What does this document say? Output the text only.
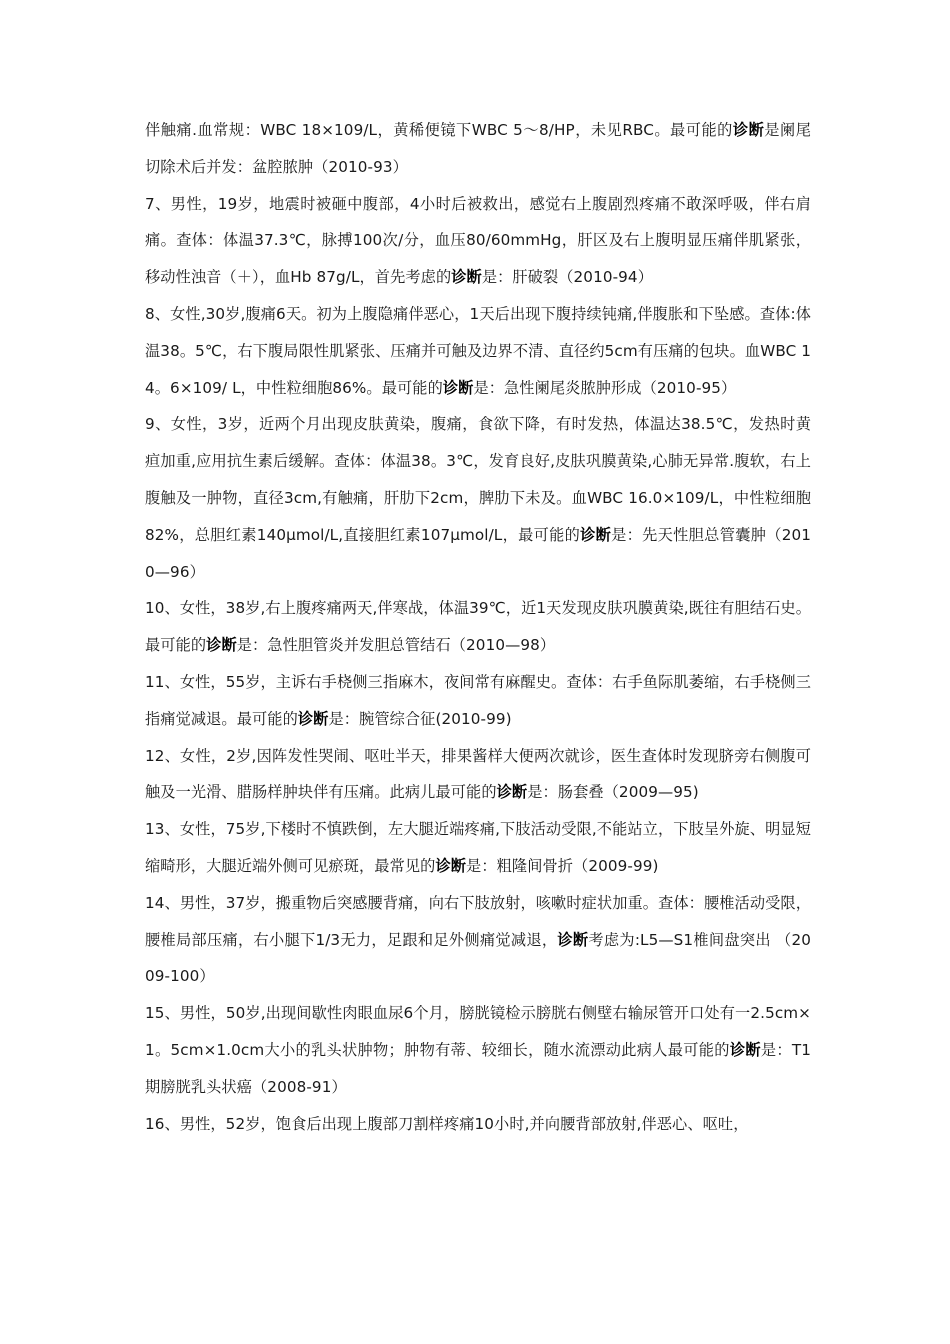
伴触痛.血常规：WBC 18×109/L，黄稀便镜下WBC 5～8/HP，未见RBC。最可能的诊断是阑尾切除术后并发：盆腔脓肿（2010-93）

7、男性，19岁，地震时被砸中腹部，4小时后被救出，感觉右上腹剧烈疼痛不敢深呼吸，伴右肩痛。查体：体温37.3℃，脉搏100次/分，血压80/60mmHg，肝区及右上腹明显压痛伴肌紧张，移动性浊音（＋），血Hb 87g/L，首先考虑的诊断是：肝破裂（2010-94）

8、女性,30岁,腹痛6天。初为上腹隐痛伴恶心，1天后出现下腹持续钝痛,伴腹胀和下坠感。查体:体温38。5℃，右下腹局限性肌紧张、压痛并可触及边界不清、直径约5cm有压痛的包块。血WBC 14。6×109/ L，中性粒细胞86%。最可能的诊断是：急性阑尾炎脓肿形成（2010-95）

9、女性，3岁，近两个月出现皮肤黄染，腹痛，食欲下降，有时发热，体温达38.5℃，发热时黄疸加重,应用抗生素后缓解。查体：体温38。3℃，发育良好,皮肤巩膜黄染,心肺无异常.腹软，右上腹触及一肿物，直径3cm,有触痛，肝肋下2cm，脾肋下未及。血WBC 16.0×109/L，中性粒细胞82%，总胆红素140μmol/L,直接胆红素107μmol/L，最可能的诊断是：先天性胆总管囊肿（2010—96）

10、女性，38岁,右上腹疼痛两天,伴寒战，体温39℃，近1天发现皮肤巩膜黄染,既往有胆结石史。最可能的诊断是：急性胆管炎并发胆总管结石（2010—98）

11、女性，55岁，主诉右手桡侧三指麻木，夜间常有麻醒史。查体：右手鱼际肌萎缩，右手桡侧三指痛觉减退。最可能的诊断是：腕管综合征(2010-99)

12、女性，2岁,因阵发性哭闹、呕吐半天，排果酱样大便两次就诊，医生查体时发现脐旁右侧腹可触及一光滑、腊肠样肿块伴有压痛。此病儿最可能的诊断是：肠套叠（2009—95)

13、女性，75岁,下楼时不慎跌倒，左大腿近端疼痛,下肢活动受限,不能站立，下肢呈外旋、明显短缩畸形，大腿近端外侧可见瘀斑，最常见的诊断是：粗隆间骨折（2009-99)

14、男性，37岁，搬重物后突感腰背痛，向右下肢放射，咳嗽时症状加重。查体：腰椎活动受限，腰椎局部压痛，右小腿下1/3无力，足跟和足外侧痛觉减退，诊断考虑为:L5—S1椎间盘突出 （2009-100）

15、男性，50岁,出现间歇性肉眼血尿6个月，膀胱镜检示膀胱右侧壁右输尿管开口处有一2.5cm×1。5cm×1.0cm大小的乳头状肿物；肿物有蒂、较细长，随水流漂动此病人最可能的诊断是：T1期膀胱乳头状癌（2008-91）

16、男性，52岁，饱食后出现上腹部刀割样疼痛10小时,并向腰背部放射,伴恶心、呕吐，
